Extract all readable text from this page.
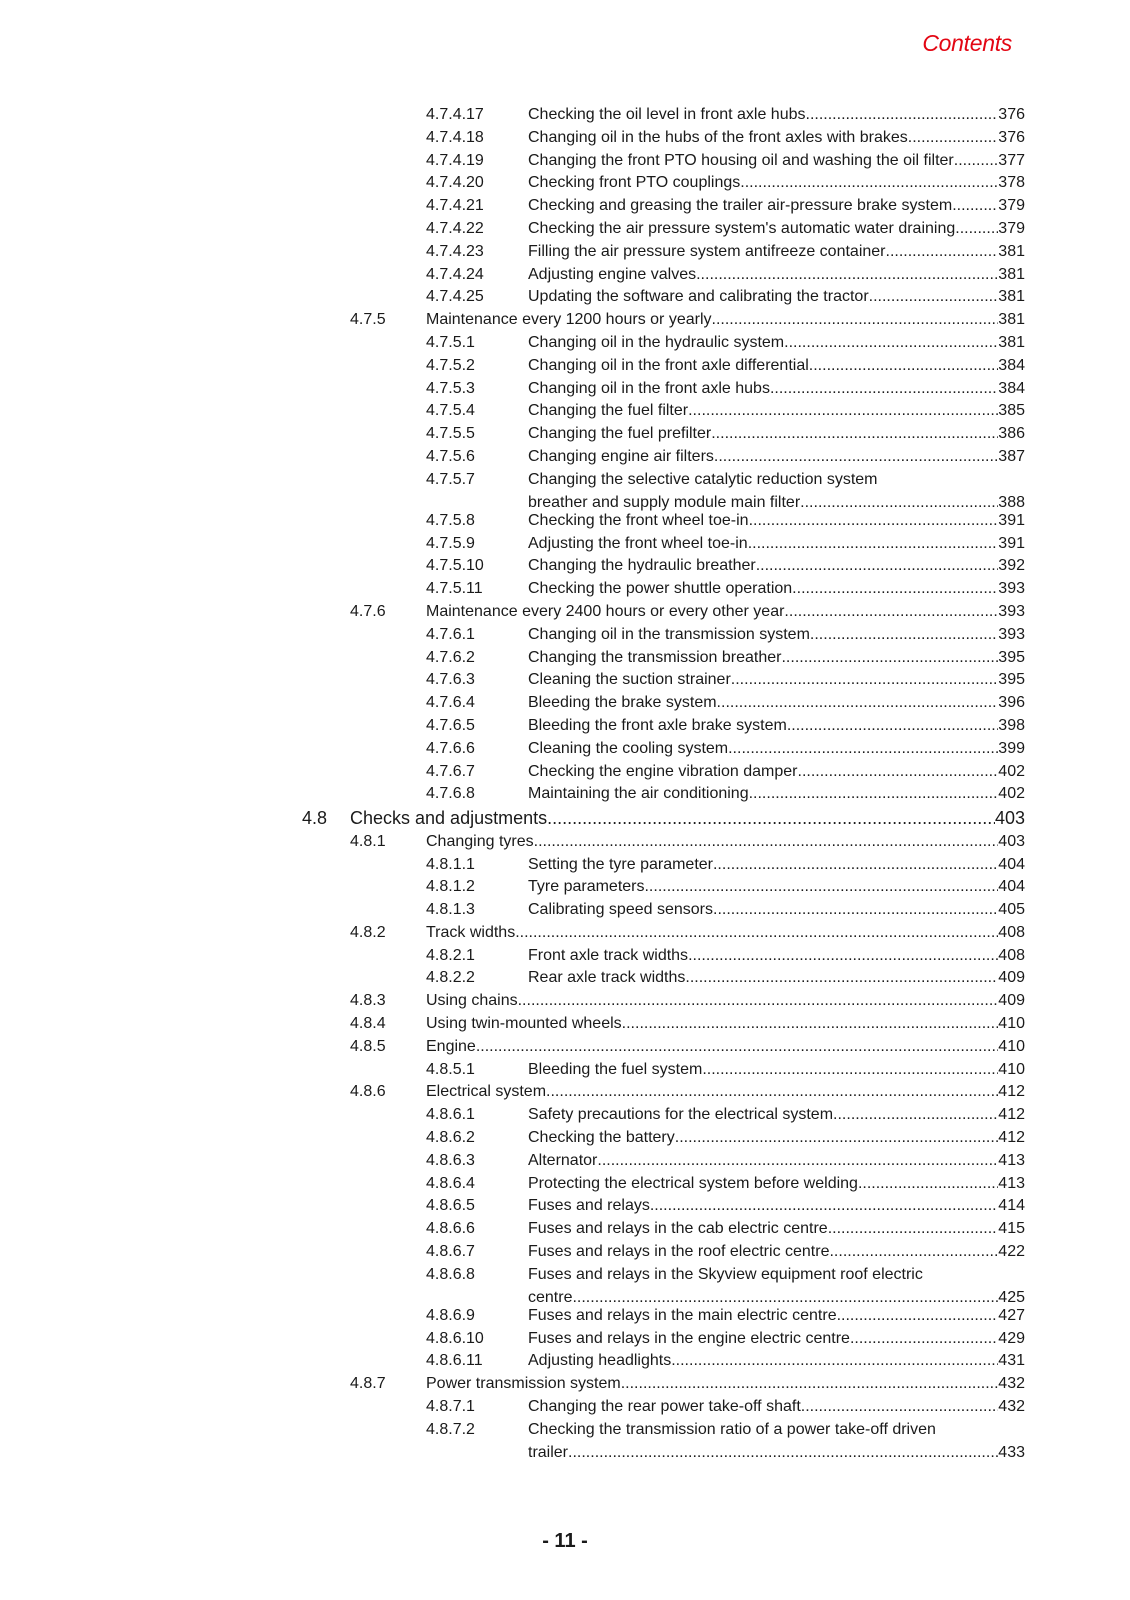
Contents
4.7.4.17	Checking the oil level in front axle hubs .....	376
4.7.4.18	Changing oil in the hubs of the front axles with brakes .....	376
4.7.4.19	Changing the front PTO housing oil and washing the oil filter .....	377
4.7.4.20	Checking front PTO couplings .....	378
4.7.4.21	Checking and greasing the trailer air-pressure brake system .....	379
4.7.4.22	Checking the air pressure system's automatic water draining .....	379
4.7.4.23	Filling the air pressure system antifreeze container .....	381
4.7.4.24	Adjusting engine valves .....	381
4.7.4.25	Updating the software and calibrating the tractor .....	381
4.7.5	Maintenance every 1200 hours or yearly .....	381
4.7.5.1	Changing oil in the hydraulic system .....	381
4.7.5.2	Changing oil in the front axle differential .....	384
4.7.5.3	Changing oil in the front axle hubs .....	384
4.7.5.4	Changing the fuel filter .....	385
4.7.5.5	Changing the fuel prefilter .....	386
4.7.5.6	Changing engine air filters .....	387
4.7.5.7	Changing the selective catalytic reduction system
breather and supply module main filter .....	388
4.7.5.8	Checking the front wheel toe-in .....	391
4.7.5.9	Adjusting the front wheel toe-in .....	391
4.7.5.10	Changing the hydraulic breather .....	392
4.7.5.11	Checking the power shuttle operation .....	393
4.7.6	Maintenance every 2400 hours or every other year .....	393
4.7.6.1	Changing oil in the transmission system .....	393
4.7.6.2	Changing the transmission breather .....	395
4.7.6.3	Cleaning the suction strainer .....	395
4.7.6.4	Bleeding the brake system .....	396
4.7.6.5	Bleeding the front axle brake system .....	398
4.7.6.6	Cleaning the cooling system .....	399
4.7.6.7	Checking the engine vibration damper .....	402
4.7.6.8	Maintaining the air conditioning .....	402
4.8 Checks and adjustments .....	403
4.8.1	Changing tyres .....	403
4.8.1.1	Setting the tyre parameter .....	404
4.8.1.2	Tyre parameters .....	404
4.8.1.3	Calibrating speed sensors .....	405
4.8.2	Track widths .....	408
4.8.2.1	Front axle track widths .....	408
4.8.2.2	Rear axle track widths .....	409
4.8.3	Using chains .....	409
4.8.4	Using twin-mounted wheels .....	410
4.8.5	Engine .....	410
4.8.5.1	Bleeding the fuel system .....	410
4.8.6	Electrical system .....	412
4.8.6.1	Safety precautions for the electrical system .....	412
4.8.6.2	Checking the battery .....	412
4.8.6.3	Alternator .....	413
4.8.6.4	Protecting the electrical system before welding .....	413
4.8.6.5	Fuses and relays .....	414
4.8.6.6	Fuses and relays in the cab electric centre .....	415
4.8.6.7	Fuses and relays in the roof electric centre .....	422
4.8.6.8	Fuses and relays in the Skyview equipment roof electric
centre .....	425
4.8.6.9	Fuses and relays in the main electric centre .....	427
4.8.6.10	Fuses and relays in the engine electric centre .....	429
4.8.6.11	Adjusting headlights .....	431
4.8.7	Power transmission system .....	432
4.8.7.1	Changing the rear power take-off shaft .....	432
4.8.7.2	Checking the transmission ratio of a power take-off driven
trailer .....	433
- 11 -
